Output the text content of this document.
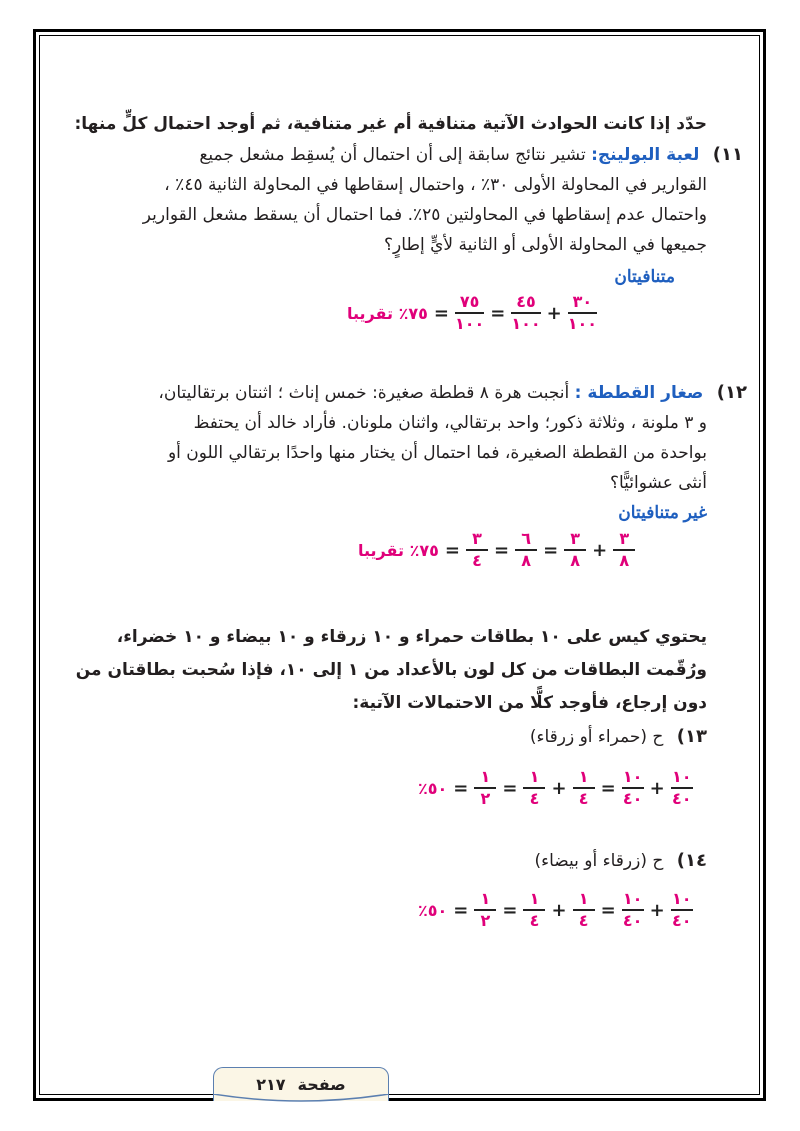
حدّد إذا كانت الحوادث الآتية متنافية أم غير متنافية، ثم أوجد احتمال كلٍّ منها:
١١) لعبة البولينج: تشير نتائج سابقة إلى أن احتمال أن يُسقِط مشعل جميع
القوارير في المحاولة الأولى ٣٠٪ ، واحتمال إسقاطها في المحاولة الثانية ٤٥٪ ،
واحتمال عدم إسقاطها في المحاولتين ٢٥٪. فما احتمال أن يسقط مشعل القوارير
جميعها في المحاولة الأولى أو الثانية لأيٍّ إطارٍ؟
متنافيتان
٧٥٪ تقريبا = $\frac{٧٥}{١٠٠} = \frac{٤٥}{١٠٠} + \frac{٣٠}{١٠٠}$
١٢) صغار القططة : أنجبت هرة ٨ قططة صغيرة: خمس إناث ؛ اثنتان برتقاليتان،
و ٣ ملونة ، وثلاثة ذكور؛ واحد برتقالي، واثنان ملونان. فأراد خالد أن يحتفظ
بواحدة من القططة الصغيرة، فما احتمال أن يختار منها واحدًا برتقالي اللون أو
أنثى عشوائيًّا؟
غير متنافيتان
٧٥٪ تقريبا = $\frac{٣}{٤} = \frac{٦}{٨} = \frac{٣}{٨} + \frac{٣}{٨}$
يحتوي كيس على ١٠ بطاقات حمراء و ١٠ زرقاء و ١٠ بيضاء و ١٠ خضراء،
ورُقّمت البطاقات من كل لون بالأعداد من ١ إلى ١٠، فإذا سُحبت بطاقتان من
دون إرجاع، فأوجد كلًّا من الاحتمالات الآتية:
١٣) ح (حمراء أو زرقاء)
٥٠٪ = $\frac{١}{٢} = \frac{١}{٤} + \frac{١}{٤} = \frac{١٠}{٤٠} + \frac{١٠}{٤٠}$
١٤) ح (زرقاء أو بيضاء)
٥٠٪ = $\frac{١}{٢} = \frac{١}{٤} + \frac{١}{٤} = \frac{١٠}{٤٠} + \frac{١٠}{٤٠}$
صفحة
٢١٧
